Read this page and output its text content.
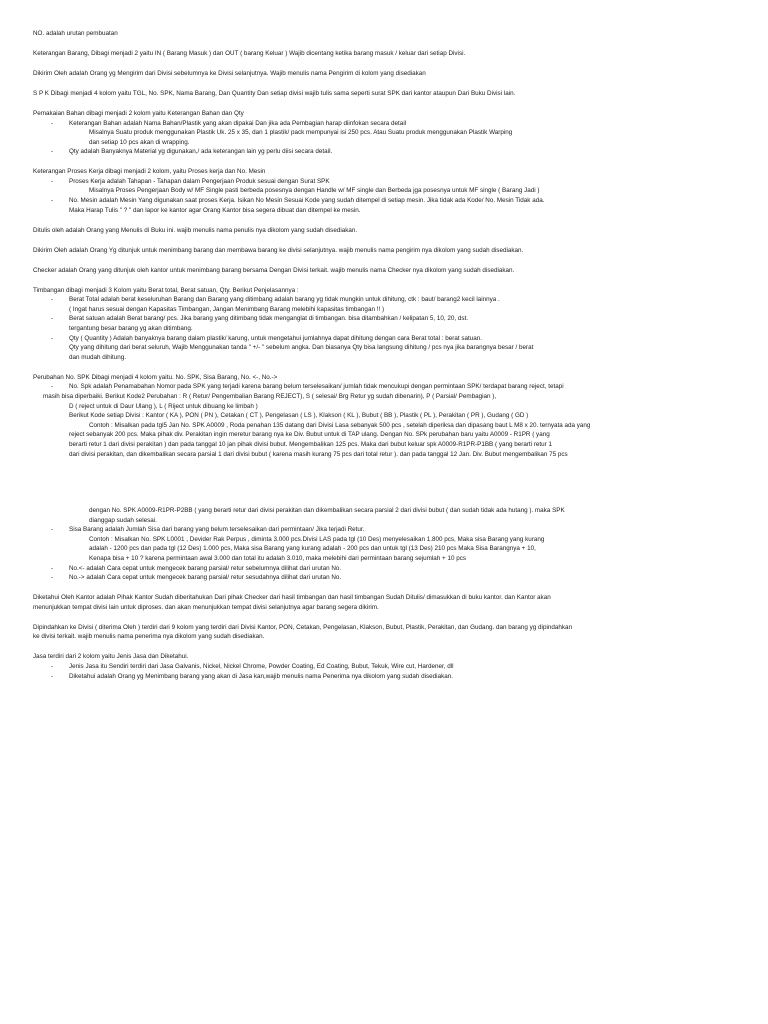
NO. adalah urutan pembuatan

Keterangan Barang, Dibagi menjadi 2 yaitu IN ( Barang Masuk ) dan OUT ( barang Keluar ) Wajib dicentang ketika barang masuk / keluar dari setiap Divisi.

Dikirim Oleh adalah Orang yg Mengirim dari Divisi sebelumnya ke Divisi selanjutnya. Wajib menulis nama Pengirim di kolom yang disediakan

S P K Dibagi menjadi 4 kolom yaitu TGL, No. SPK, Nama Barang, Dan Quantity Dan setiap divisi wajib tulis sama seperti surat SPK dari kantor ataupun Dari Buku Divisi lain.

Pemakaian Bahan dibagi menjadi 2 kolom yaitu Keterangan Bahan dan Qty

-	Keterangan Bahan adalah Nama Bahan/Plastik yang akan dipakai Dan jika ada Pembagian harap diinfokan secara detail

Misalnya Suatu produk menggunakan Plastik Uk. 25 x 35, dan 1 plastik/ pack mempunyai isi 250 pcs. Atau Suatu produk menggunakan Plastik Warping

dan setiap 10 pcs akan di wrapping.

-	Qty adalah Banyaknya Material yg digunakan,/ ada keterangan lain yg perlu diisi secara detail.

Keterangan Proses Kerja dibagi menjadi 2 kolom, yaitu Proses kerja dan No. Mesin

-	Proses Kerja adalah Tahapan - Tahapan dalam Pengerjaan Produk sesuai dengan Surat SPK

Misalnya Proses Pengerjaan Body w/ MF Single pasti berbeda posesnya dengan Handle w/ MF single dan Berbeda jga posesnya untuk MF single ( Barang Jadi )

-	No. Mesin adalah Mesin Yang digunakan saat proses Kerja. Isikan No Mesin Sesuai Kode yang sudah ditempel di setiap mesin. Jika tidak ada Kode/ No. Mesin Tidak ada.

Maka Harap Tulis " ? " dan lapor ke kantor agar Orang Kantor bisa segera dibuat dan ditempel ke mesin.

Ditulis oleh adalah Orang yang Menulis di Buku ini. wajib menulis nama penulis nya dikolom yang sudah disediakan.

Dikirim Oleh adalah Orang Yg ditunjuk untuk menimbang barang dan membawa barang ke divisi selanjutnya. wajib menulis nama pengirim nya dikolom yang sudah disediakan.

Checker adalah Orang yang ditunjuk oleh kantor untuk menimbang barang bersama Dengan Divisi terkait. wajib menulis nama Checker nya dikolom yang sudah disediakan.

Timbangan dibagi menjadi 3 Kolom yaitu Berat total, Berat satuan, Qty. Berikut Penjelasannya :

-	Berat Total adalah berat keseluruhan Barang dan Barang yang ditimbang adalah barang yg tidak mungkin untuk dihitung, ctk : baut/ barang2 kecil lainnya .

( Ingat harus sesuai dengan Kapasitas Timbangan, Jangan Menimbang Barang melebihi kapasitas timbangan !! )

-	Berat satuan adalah Berat barang/ pcs. Jika barang yang ditimbang tidak menganglat di timbangan. bisa ditambahkan / kelipatan 5, 10, 20, dst.

tergantung besar barang yg akan ditimbang.

-	Qty ( Quantity ) Adalah banyaknya barang dalam plastik/ karung, untuk mengetahui jumlahnya dapat dihitung dengan cara Berat total : berat satuan.

Qty yang dihitung dari berat seluruh, Wajib Menggunakan tanda " +/- " sebelum angka. Dan biasanya Qty bisa langsung dihitung / pcs nya jika barangnya besar / berat

dan mudah dihitung.

Perubahan No. SPK Dibagi menjadi 4 kolom yaitu. No. SPK, Sisa Barang, No. <-, No.->

-	No. Spk adalah Penamabahan Nomor pada SPK yang terjadi karena barang belum terselesaikan/ jumlah tidak mencukupi dengan permintaan SPK/ terdapat barang reject, tetapi

masih bisa diperbaiki. Berikut Kode2 Perubahan : R ( Retur/ Pengembalian Barang REJECT), S ( selesai/ Brg Retur yg sudah dibenarin), P ( Parsial/ Pembagian ),

D ( reject untuk di Daur Ulang ), L ( Riject untuk dibuang ke limbah )

Berikut Kode setiap Divisi : Kantor ( KA ), PON ( PN ), Cetakan ( CT ), Pengelasan ( LS ), Klakson ( KL ), Bubut ( BB ), Plastik ( PL ), Perakitan ( PR ), Gudang ( GD )

Contoh : Misalkan pada tgl5 Jan No. SPK A0009 , Roda penahan 135 datang dari Divisi Lasa sebanyak 500 pcs , setelah diperiksa dan dipasang baut L M8 x 20. ternyata ada yang

reject sebanyak 200 pcs. Maka pihak div. Perakitan ingin meretur barang nya ke Div. Bubut untuk di TAP ulang. Dengan No. SPk perubahan baru yaitu A0009 - R1PR ( yang

berarti retur 1 dari divisi perakitan ) dan pada tanggal 10 jan pihak divisi bubut. Mengembalikan 125 pcs. Maka dari bubut keluar spk A0009-R1PR-P1BB ( yang berarti retur 1

dari divisi perakitan, dan dikembalikan secara parsial 1 dari divisi bubut ( karena masih kurang 75 pcs dari total retur ). dan pada tanggal 12 Jan. Div. Bubut mengembalikan 75 pcs

dengan No. SPK A0009-R1PR-P2BB ( yang berarti retur dari divisi perakitan dan dikembalikan secara parsial 2 dari divisi bubut ( dan sudah tidak ada hutang ). maka SPK

dianggap sudah selesai.

-	Sisa Barang adalah Jumlah Sisa dari barang yang belum terselesaikan dari permintaan/ Jika terjadi Retur.

Contoh : Misalkan No. SPK L0001 , Devider Rak Perpus , diminta 3.000 pcs.Divisi LAS pada tgl (10 Des) menyelesaikan 1.800 pcs, Maka sisa Barang yang kurang

adalah - 1200 pcs dan pada tgl (12 Des) 1.000 pcs, Maka sisa Barang yang kurang adalah - 200 pcs dan untuk tgl (13 Des) 210 pcs Maka Sisa Barangnya + 10,

Kenapa bisa + 10 ? karena permintaan awal 3.000 dan total itu adalah 3.010, maka melebihi dari permintaan barang sejumlah + 10 pcs

-	No.<- adalah Cara cepat untuk mengecek barang parsial/ retur sebelumnya dilihat dari urutan No.
-	No.-> adalah Cara cepat untuk mengecek barang parsial/ retur sesudahnya dilihat dari urutan No.

Diketahui Oleh Kantor adalah Pihak Kantor Sudah diberitahukan Dari pihak Checker dari hasil timbangan dan hasil timbangan Sudah Ditulis/ dimasukkan di buku kantor. dan Kantor akan

menunjukkan tempat divisi lain untuk diproses. dan akan menunjukkan tempat divisi selanjutnya agar barang segera dikirim.

Dipindahkan ke Divisi ( diterima Oleh ) terdiri dari 9 kolom yang terdiri dari Divisi Kantor, PON, Cetakan, Pengelasan, Klakson, Bubut, Plastik, Perakitan, dan Gudang. dan barang yg dipindahkan

ke divisi terkait. wajib menulis nama penerima nya dikolom yang sudah disediakan.

Jasa terdiri dari 2 kolom yaitu Jenis Jasa dan Diketahui.

-	Jenis Jasa itu Sendiri terdiri dari Jasa Galvanis, Nickel, Nickel Chrome, Powder Coating, Ed Coating, Bubut, Tekuk, Wire cut, Hardener, dll
-	Diketahui adalah Orang yg Menimbang barang yang akan di Jasa kan,wajib menulis nama Penerima nya dikolom yang sudah disediakan.
